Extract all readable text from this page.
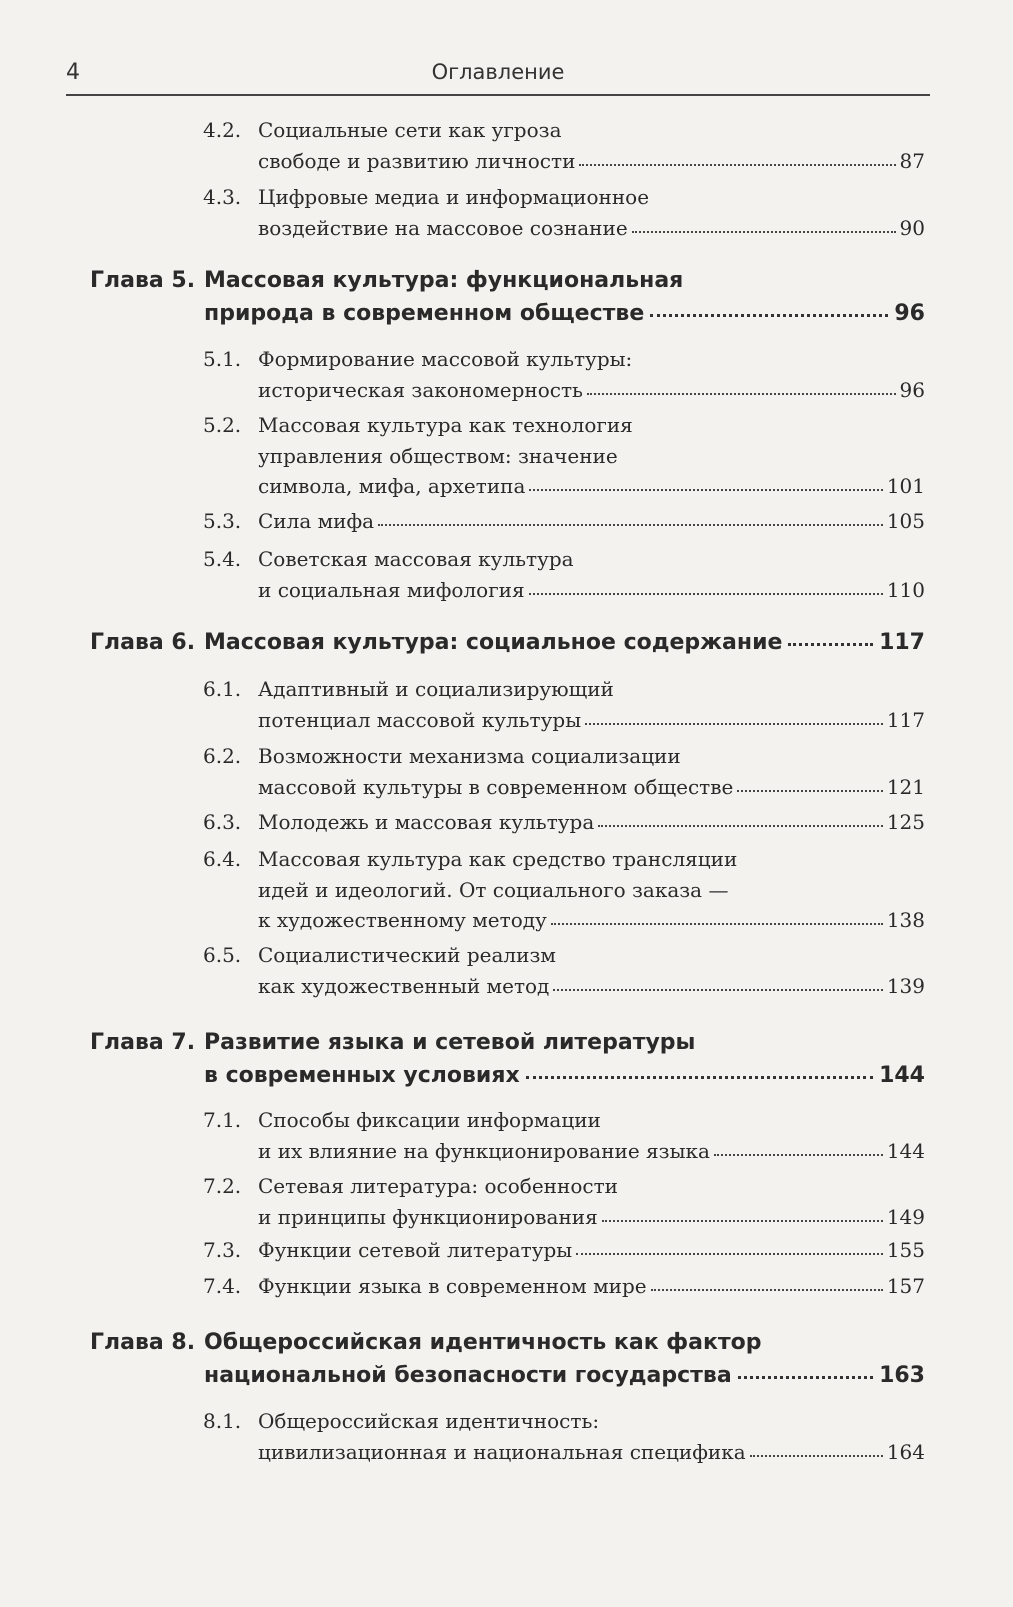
4	Оглавление
4.2. Социальные сети как угроза
свободе и развитию личности	87
4.3. Цифровые медиа и информационное
воздействие на массовое сознание	90
Глава 5. Массовая культура: функциональная
природа в современном обществе	96
5.1. Формирование массовой культуры:
историческая закономерность	96
5.2. Массовая культура как технология
управления обществом: значение
символа, мифа, архетипа	101
5.3. Сила мифа	105
5.4. Советская массовая культура
и социальная мифология	110
Глава 6. Массовая культура: социальное содержание	117
6.1. Адаптивный и социализирующий
потенциал массовой культуры	117
6.2. Возможности механизма социализации
массовой культуры в современном обществе	121
6.3. Молодежь и массовая культура	125
6.4. Массовая культура как средство трансляции
идей и идеологий. От социального заказа —
к художественному методу	138
6.5. Социалистический реализм
как художественный метод	139
Глава 7. Развитие языка и сетевой литературы
в современных условиях	144
7.1. Способы фиксации информации
и их влияние на функционирование языка	144
7.2. Сетевая литература: особенности
и принципы функционирования	149
7.3. Функции сетевой литературы	155
7.4. Функции языка в современном мире	157
Глава 8. Общероссийская идентичность как фактор
национальной безопасности государства	163
8.1. Общероссийская идентичность:
цивилизационная и национальная специфика	164
